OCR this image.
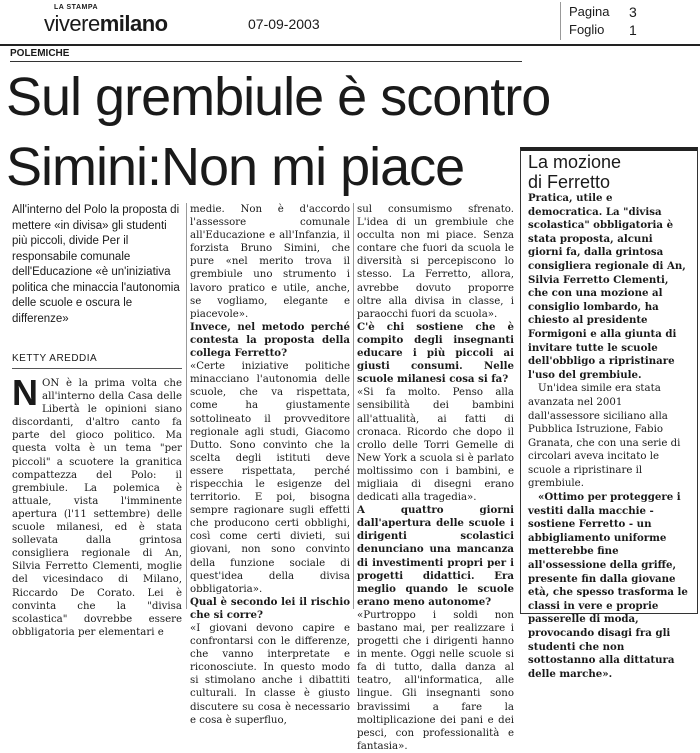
LA STAMPA
viveremilano	07-09-2003
Pagina 3
Foglio 1
POLEMICHE
Sul grembiule è scontro
Simini:Non mi piace
All'interno del Polo la proposta di mettere «in divisa» gli studenti più piccoli, divide Per il responsabile comunale dell'Educazione «è un'iniziativa politica che minaccia l'autonomia delle scuole e oscura le differenze»
KETTY AREDDIA
NON è la prima volta che all'interno della Casa delle Libertà le opinioni siano discordanti, d'altro canto fa parte del gioco politico. Ma questa volta è un tema "per piccoli" a scuotere la granitica compattezza del Polo: il grembiule. La polemica è attuale, vista l'imminente apertura (l'11 settembre) delle scuole milanesi, ed è stata sollevata dalla grintosa consigliera regionale di An, Silvia Ferretto Clementi, moglie del vicesindaco di Milano, Riccardo De Corato. Lei è convinta che la "divisa scolastica" dovrebbe essere obbligatoria per elementari e

medie. Non è d'accordo l'assessore comunale all'Educazione e all'Infanzia, il forzista Bruno Simini, che pure «nel merito trova il grembiule uno strumento i lavoro pratico e utile, anche, se vogliamo, elegante e piacevole».

Invece, nel metodo perché contesta la proposta della collega Ferretto?

«Certe iniziative politiche minacciano l'autonomia delle scuole, che va rispettata, come ha giustamente sottolineato il provveditore regionale agli studi, Giacomo Dutto. Sono convinto che la scelta degli istituti deve essere rispettata, perché rispecchia le esigenze del territorio. E poi, bisogna sempre ragionare sugli effetti che producono certi obblighi, così come certi divieti, sui giovani, non sono convinto della funzione sociale di quest'idea della divisa obbligatoria».

Qual è secondo lei il rischio che si corre?

«I giovani devono capire e confrontarsi con le differenze, che vanno interpretate e riconosciute. In questo modo si stimolano anche i dibattiti culturali. In classe è giusto discutere su cosa è necessario e cosa è superfluo,

sul consumismo sfrenato. L'idea di un grembiule che occulta non mi piace. Senza contare che fuori da scuola le diversità si percepiscono lo stesso. La Ferretto, allora, avrebbe dovuto proporre oltre alla divisa in classe, i paraocchi fuori da scuola».

C'è chi sostiene che è compito degli insegnanti educare i più piccoli ai giusti consumi. Nelle scuole milanesi cosa si fa?

«Si fa molto. Penso alla sensibilità dei bambini all'attualità, ai fatti di cronaca. Ricordo che dopo il crollo delle Torri Gemelle di New York a scuola si è parlato moltissimo con i bambini, e migliaia di disegni erano dedicati alla tragedia».

A quattro giorni dall'apertura delle scuole i dirigenti scolastici denunciano una mancanza di investimenti propri per i progetti didattici. Era meglio quando le scuole erano meno autonome?

«Purtroppo i soldi non bastano mai, per realizzare i progetti che i dirigenti hanno in mente. Oggi nelle scuole si fa di tutto, dalla danza al teatro, all'informatica, alle lingue. Gli insegnanti sono bravissimi a fare la moltiplicazione dei pani e dei pesci, con professionalità e fantasia».

La mozione
di Ferretto

Pratica, utile e democratica. La "divisa scolastica" obbligatoria è stata proposta, alcuni giorni fa, dalla grintosa consigliera regionale di An, Silvia Ferretto Clementi, che con una mozione al consiglio lombardo, ha chiesto al presidente Formigoni e alla giunta di invitare tutte le scuole dell'obbligo a ripristinare l'uso del grembiule.

Un'idea simile era stata avanzata nel 2001 dall'assessore siciliano alla Pubblica Istruzione, Fabio Granata, che con una serie di circolari aveva incitato le scuole a ripristinare il grembiule.

«Ottimo per proteggere i vestiti dalla macchie - sostiene Ferretto - un abbigliamento uniforme metterebbe fine all'ossessione della griffe, presente fin dalla giovane età, che spesso trasforma le classi in vere e proprie passerelle di moda, provocando disagi fra gli studenti che non sottostanno alla dittatura delle marche».
